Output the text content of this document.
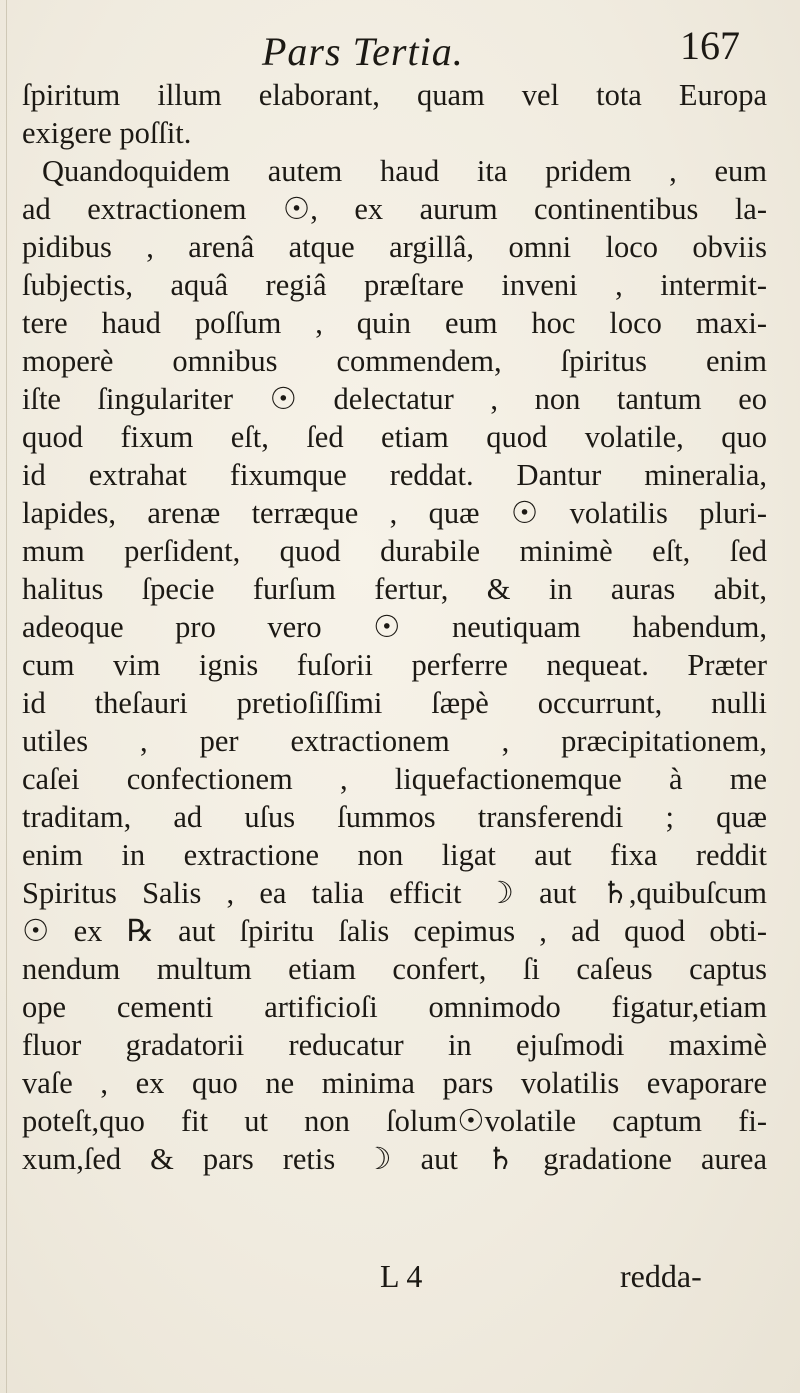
Pars Tertia.	167
ſpiritum illum elaborant, quam vel tota Europa
exigere poſſit.
Quandoquidem autem haud ita pridem , eum
ad extractionem ☉, ex aurum continentibus la-
pidibus , arenâ atque argillâ, omni loco obviis
ſubjectis, aquâ regiâ præſtare inveni , intermit-
tere haud poſſum , quin eum hoc loco maxi-
moperè omnibus commendem, ſpiritus enim
iſte ſingulariter ☉ delectatur , non tantum eo
quod fixum eſt, ſed etiam quod volatile, quo
id extrahat fixumque reddat. Dantur mineralia,
lapides, arenæ terræque , quæ ☉ volatilis pluri-
mum perſident, quod durabile minimè eſt, ſed
halitus ſpecie furſum fertur, & in auras abit,
adeoque pro vero ☉ neutiquam habendum,
cum vim ignis fuſorii perferre nequeat. Præter
id theſauri pretioſiſſimi ſæpè occurrunt, nulli
utiles , per extractionem , præcipitationem,
caſei confectionem , liquefactionemque à me
traditam, ad uſus ſummos transferendi ; quæ
enim in extractione non ligat aut fixa reddit
Spiritus Salis , ea talia efficit ☽ aut ♄,quibuſcum
☉ ex ℞ aut ſpiritu ſalis cepimus , ad quod obti-
nendum multum etiam confert, ſi caſeus captus
ope cementi artificioſi omnimodo figatur,etiam
fluor gradatorii reducatur in ejuſmodi maximè
vaſe , ex quo ne minima pars volatilis evaporare
poteſt,quo fit ut non ſolum☉volatile captum fi-
xum,ſed & pars retis ☽ aut ♄ gradatione aurea
L 4	redda-
